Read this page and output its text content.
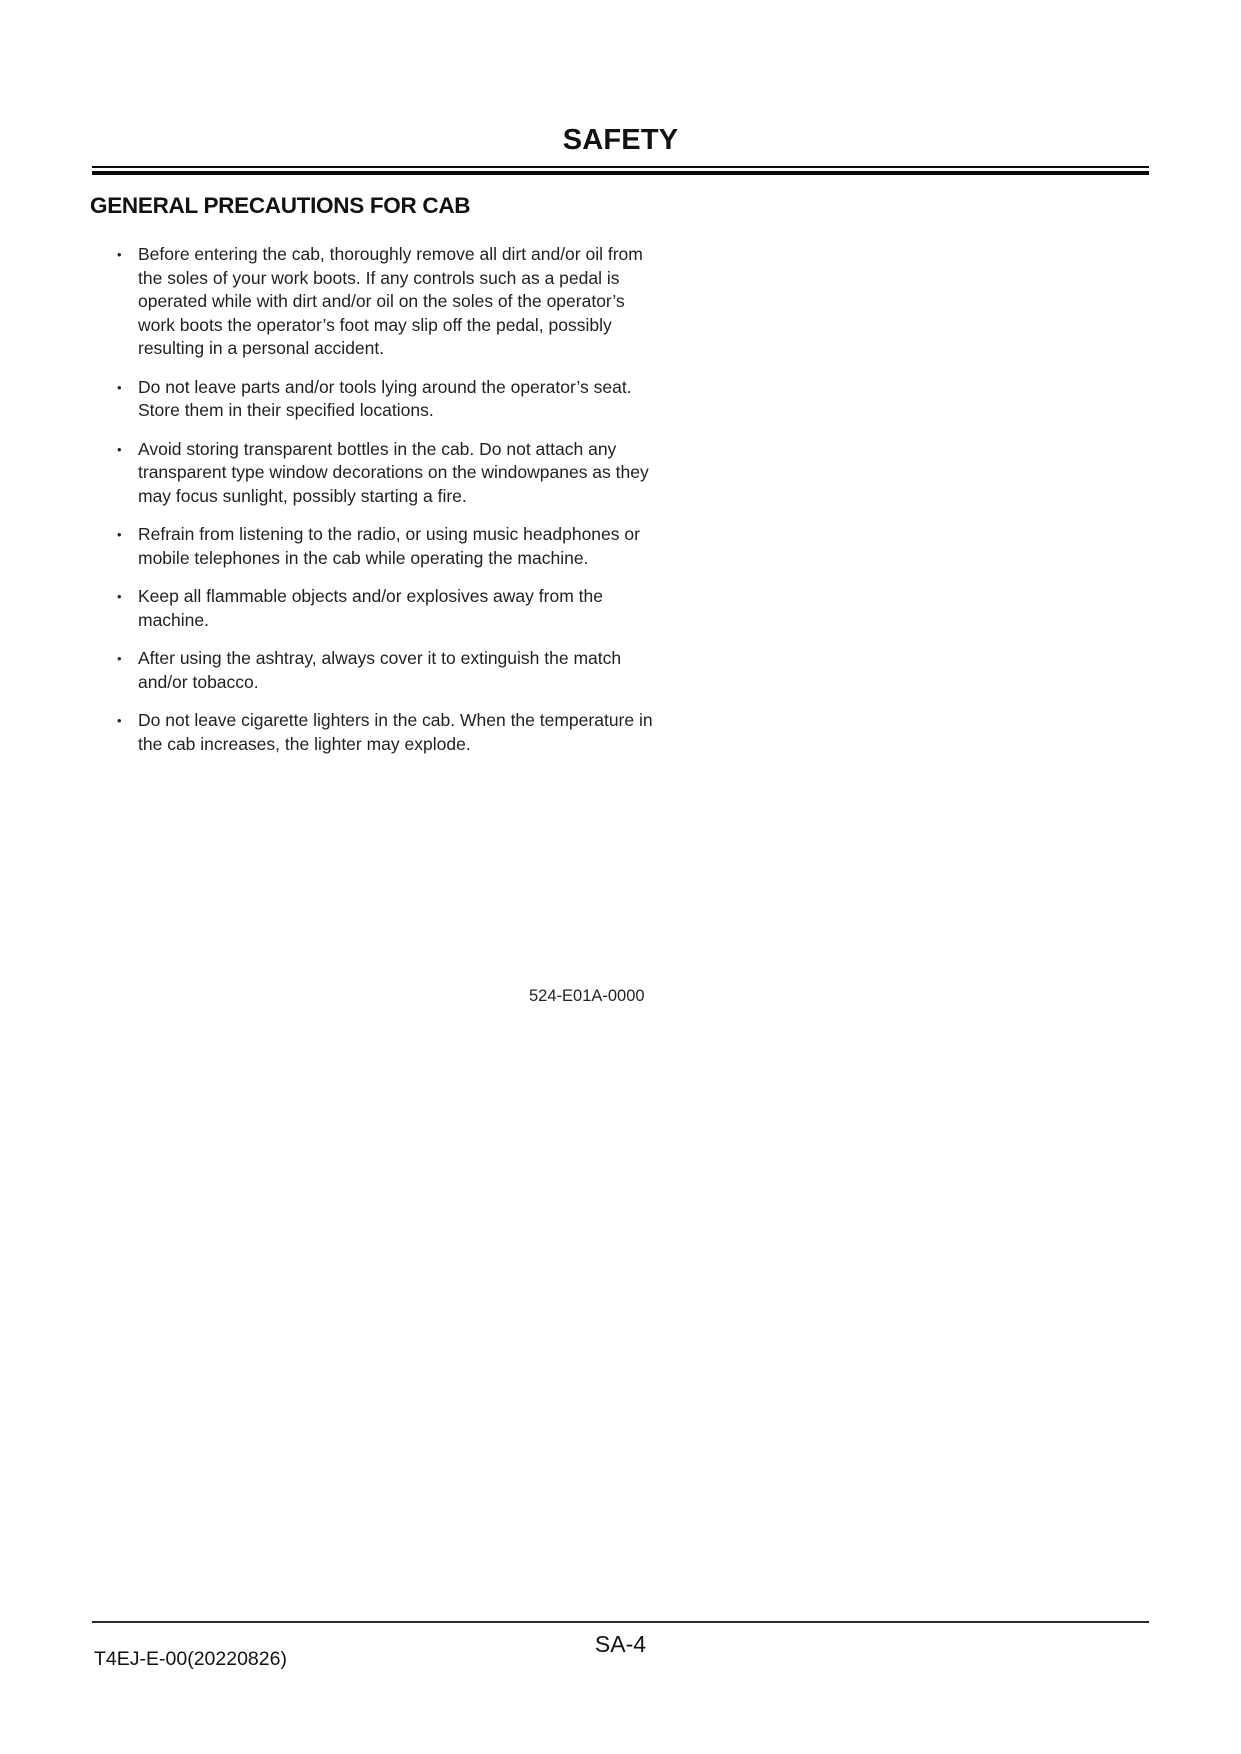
SAFETY
GENERAL PRECAUTIONS FOR CAB
• Before entering the cab, thoroughly remove all dirt and/or oil from the soles of your work boots. If any controls such as a pedal is operated while with dirt and/or oil on the soles of the operator’s work boots the operator’s foot may slip off the pedal, possibly resulting in a personal accident.
• Do not leave parts and/or tools lying around the operator’s seat. Store them in their specified locations.
• Avoid storing transparent bottles in the cab. Do not attach any transparent type window decorations on the windowpanes as they may focus sunlight, possibly starting a fire.
• Refrain from listening to the radio, or using music headphones or mobile telephones in the cab while operating the machine.
• Keep all flammable objects and/or explosives away from the machine.
• After using the ashtray, always cover it to extinguish the match and/or tobacco.
• Do not leave cigarette lighters in the cab. When the temperature in the cab increases, the lighter may explode.
524-E01A-0000
SA-4
T4EJ-E-00(20220826)
